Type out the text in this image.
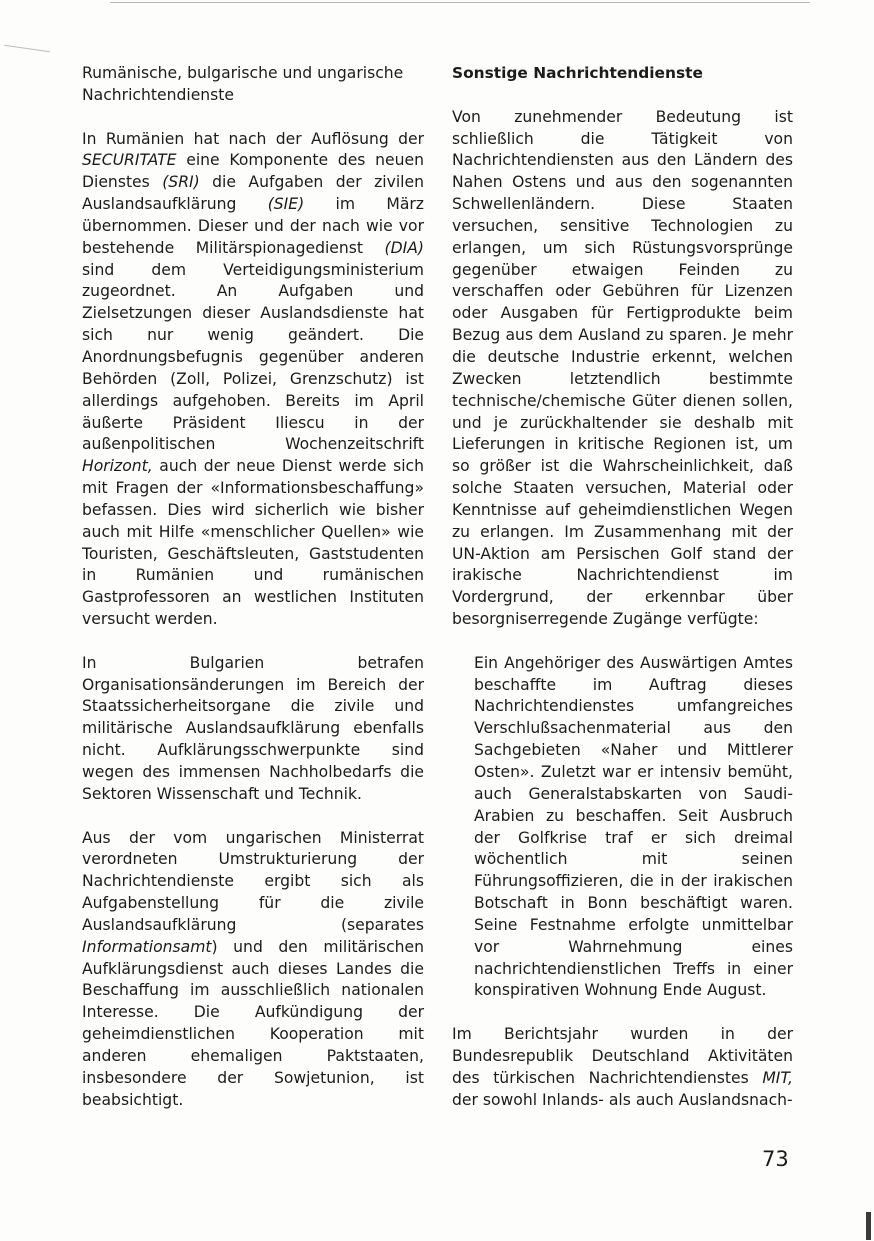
Rumänische, bulgarische und ungarische
Nachrichtendienste

In Rumänien hat nach der Auflösung der SECURITATE eine Komponente des neuen Dienstes (SRI) die Aufgaben der zivilen Auslandsaufklärung (SIE) im März übernommen. Dieser und der nach wie vor bestehende Militärspionagedienst (DIA) sind dem Verteidigungsministerium zugeordnet. An Aufgaben und Zielsetzungen dieser Auslandsdienste hat sich nur wenig geändert. Die Anordnungsbefugnis gegenüber anderen Behörden (Zoll, Polizei, Grenzschutz) ist allerdings aufgehoben. Bereits im April äußerte Präsident Iliescu in der außenpolitischen Wochenzeitschrift Horizont, auch der neue Dienst werde sich mit Fragen der «Informationsbeschaffung» befassen. Dies wird sicherlich wie bisher auch mit Hilfe «menschlicher Quellen» wie Touristen, Geschäftsleuten, Gaststudenten in Rumänien und rumänischen Gastprofessoren an westlichen Instituten versucht werden.

In Bulgarien betrafen Organisationsänderungen im Bereich der Staatssicherheitsorgane die zivile und militärische Auslandsaufklärung ebenfalls nicht. Aufklärungsschwerpunkte sind wegen des immensen Nachholbedarfs die Sektoren Wissenschaft und Technik.

Aus der vom ungarischen Ministerrat verordneten Umstrukturierung der Nachrichtendienste ergibt sich als Aufgabenstellung für die zivile Auslandsaufklärung (separates Informationsamt) und den militärischen Aufklärungsdienst auch dieses Landes die Beschaffung im ausschließlich nationalen Interesse. Die Aufkündigung der geheimdienstlichen Kooperation mit anderen ehemaligen Paktstaaten, insbesondere der Sowjetunion, ist beabsichtigt.

Sonstige Nachrichtendienste

Von zunehmender Bedeutung ist schließlich die Tätigkeit von Nachrichtendiensten aus den Ländern des Nahen Ostens und aus den sogenannten Schwellenländern. Diese Staaten versuchen, sensitive Technologien zu erlangen, um sich Rüstungsvorsprünge gegenüber etwaigen Feinden zu verschaffen oder Gebühren für Lizenzen oder Ausgaben für Fertigprodukte beim Bezug aus dem Ausland zu sparen. Je mehr die deutsche Industrie erkennt, welchen Zwecken letztendlich bestimmte technische/chemische Güter dienen sollen, und je zurückhaltender sie deshalb mit Lieferungen in kritische Regionen ist, um so größer ist die Wahrscheinlichkeit, daß solche Staaten versuchen, Material oder Kenntnisse auf geheimdienstlichen Wegen zu erlangen. Im Zusammenhang mit der UN-Aktion am Persischen Golf stand der irakische Nachrichtendienst im Vordergrund, der erkennbar über besorgniserregende Zugänge verfügte:

Ein Angehöriger des Auswärtigen Amtes beschaffte im Auftrag dieses Nachrichtendienstes umfangreiches Verschlußsachenmaterial aus den Sachgebieten «Naher und Mittlerer Osten». Zuletzt war er intensiv bemüht, auch Generalstabskarten von Saudi-Arabien zu beschaffen. Seit Ausbruch der Golfkrise traf er sich dreimal wöchentlich mit seinen Führungsoffizieren, die in der irakischen Botschaft in Bonn beschäftigt waren. Seine Festnahme erfolgte unmittelbar vor Wahrnehmung eines nachrichtendienstlichen Treffs in einer konspirativen Wohnung Ende August.

Im Berichtsjahr wurden in der Bundesrepublik Deutschland Aktivitäten des türkischen Nachrichtendienstes MIT, der sowohl Inlands- als auch Auslandsnach-

73
